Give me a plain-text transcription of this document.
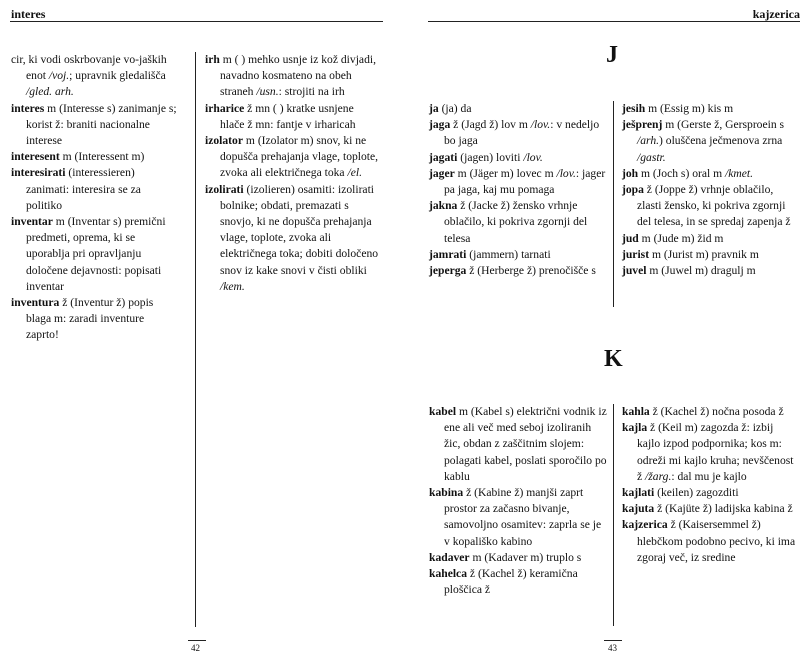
interes

cir, ki vodi oskrbovanje vo-jaških enot /voj.; upravnik gledališča /gled. arh.

interes m (Interesse s) zanimanje s; korist ž: braniti nacionalne interese

interesent m (Interessent m)

interesirati (interessieren) zanimati: interesira se za politiko

inventar m (Inventar s) premični predmeti, oprema, ki se uporablja pri opravljanju določene dejavnosti: popisati inventar

inventura ž (Inventur ž) popis blaga m: zaradi inventure zaprto!

irh m ( ) mehko usnje iz kož divjadi, navadno kosmateno na obeh straneh /usn.: strojiti na irh

irharice ž mn ( ) kratke usnjene hlače ž mn: fantje v irharicah

izolator m (Izolator m) snov, ki ne dopušča prehajanja vlage, toplote, zvoka ali električnega toka /el.

izolirati (izolieren) osamiti: izolirati bolnike; obdati, premazati s snovjo, ki ne dopušča prehajanja vlage, toplote, zvoka ali električnega toka; dobiti določeno snov iz kake snovi v čisti obliki /kem.

42
kajzerica
J

ja (ja) da

jaga ž (Jagd ž) lov m /lov.: v nedeljo bo jaga

jagati (jagen) loviti /lov.

jager m (Jäger m) lovec m /lov.: jager pa jaga, kaj mu pomaga

jakna ž (Jacke ž) žensko vrhnje oblačilo, ki pokriva zgornji del telesa

jamrati (jammern) tarnati

jeperga ž (Herberge ž) prenočišče s

jesih m (Essig m) kis m

ješprenj m (Gerste ž, Gersproein s /arh.) oluščena ječmenova zrna /gastr.

joh m (Joch s) oral m /kmet.

jopa ž (Joppe ž) vrhnje oblačilo, zlasti žensko, ki pokriva zgornji del telesa, in se spredaj zapenja ž

jud m (Jude m) žid m

jurist m (Jurist m) pravnik m

juvel m (Juwel m) dragulj m

K

kabel m (Kabel s) električni vodnik iz ene ali več med seboj izoliranih žic, obdan z zaščitnim slojem: polagati kabel, poslati sporočilo po kablu

kabina ž (Kabine ž) manjši zaprt prostor za začasno bivanje, samovoljno osamitev: zaprla se je v kopališko kabino

kadaver m (Kadaver m) truplo s

kahelca ž (Kachel ž) keramična ploščica ž

kahla ž (Kachel ž) nočna posoda ž

kajla ž (Keil m) zagozda ž: izbij kajlo izpod podpornika; kos m: odreži mi kajlo kruha; nevščenost ž /žarg.: dal mu je kajlo

kajlati (keilen) zagozditi

kajuta ž (Kajüte ž) ladijska kabina ž

kajzerica ž (Kaisersemmel ž) hlebčkom podobno pecivo, ki ima zgoraj več, iz sredine

43
